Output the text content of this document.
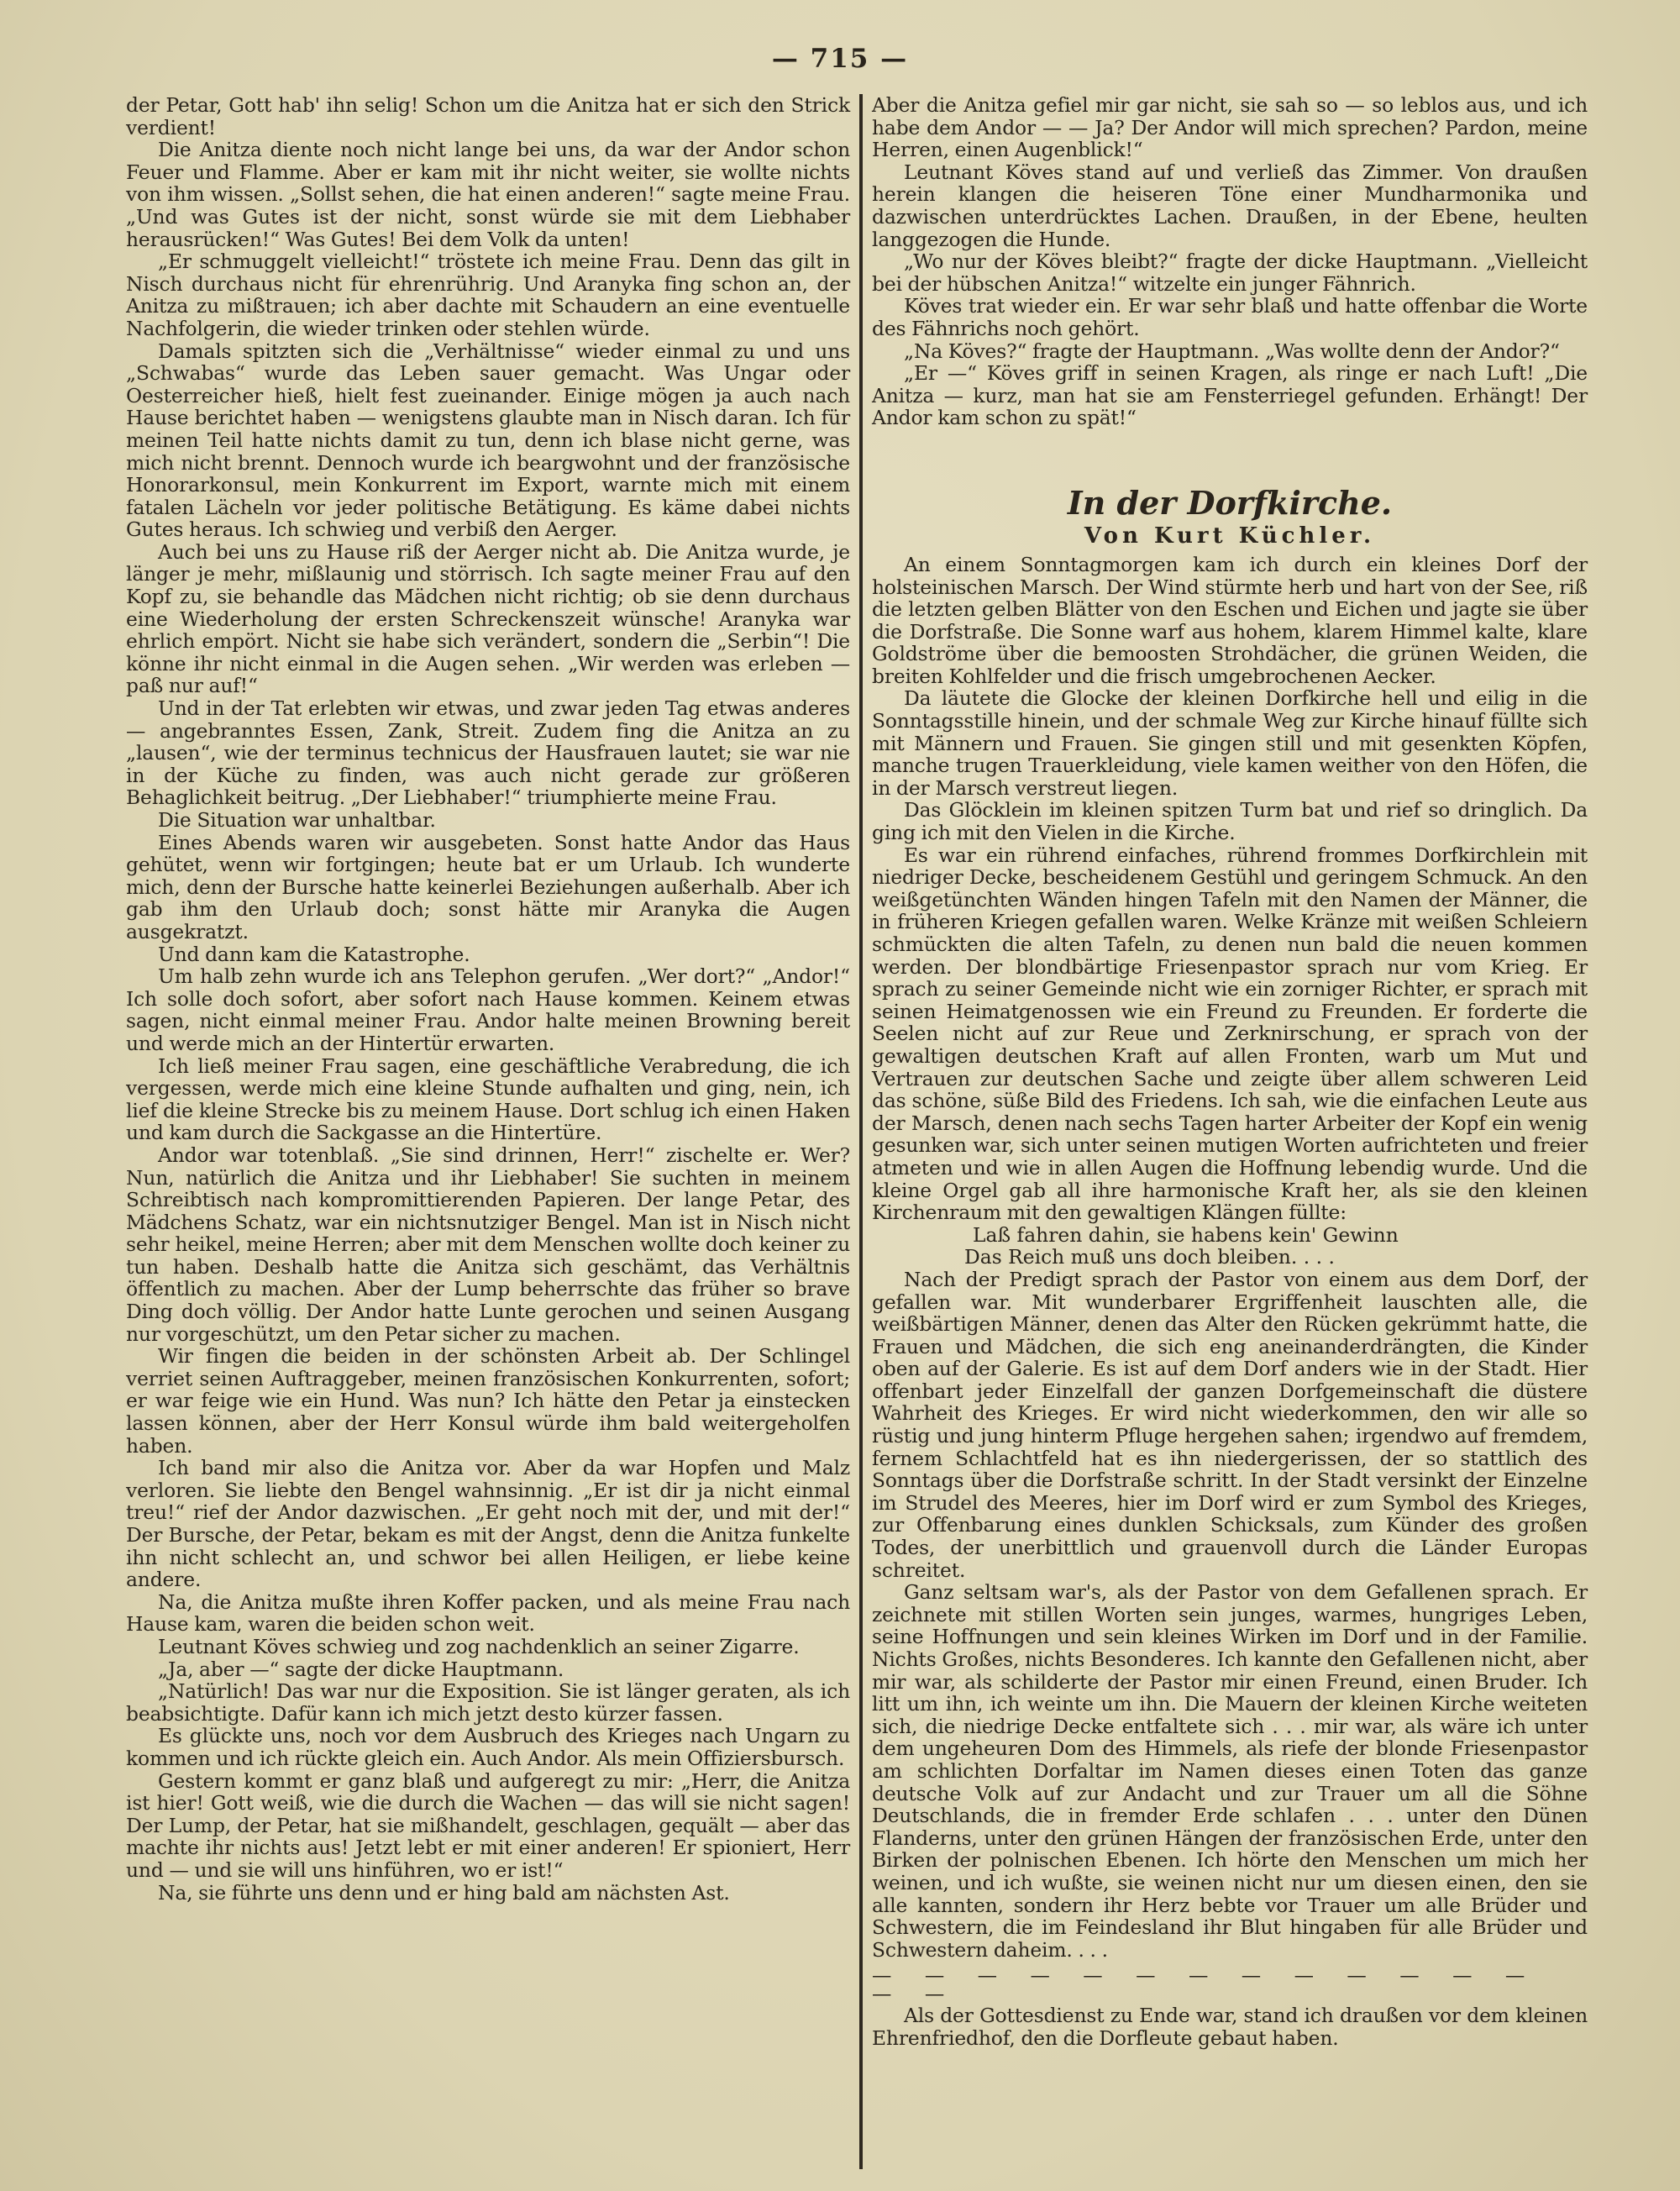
— 715 —

der Petar, Gott hab' ihn selig! Schon um die Anitza hat er sich den Strick verdient!

Die Anitza diente noch nicht lange bei uns, da war der Andor schon Feuer und Flamme. Aber er kam mit ihr nicht weiter, sie wollte nichts von ihm wissen. „Sollst sehen, die hat einen anderen!“ sagte meine Frau. „Und was Gutes ist der nicht, sonst würde sie mit dem Liebhaber herausrücken!“ Was Gutes! Bei dem Volk da unten!

„Er schmuggelt vielleicht!“ tröstete ich meine Frau. Denn das gilt in Nisch durchaus nicht für ehrenrührig. Und Aranyka fing schon an, der Anitza zu mißtrauen; ich aber dachte mit Schaudern an eine eventuelle Nachfolgerin, die wieder trinken oder stehlen würde.

Damals spitzten sich die „Verhältnisse“ wieder einmal zu und uns „Schwabas“ wurde das Leben sauer gemacht. Was Ungar oder Oesterreicher hieß, hielt fest zueinander. Einige mögen ja auch nach Hause berichtet haben — wenigstens glaubte man in Nisch daran. Ich für meinen Teil hatte nichts damit zu tun, denn ich blase nicht gerne, was mich nicht brennt. Dennoch wurde ich beargwohnt und der französische Honorarkonsul, mein Konkurrent im Export, warnte mich mit einem fatalen Lächeln vor jeder politische Betätigung. Es käme dabei nichts Gutes heraus. Ich schwieg und verbiß den Aerger.

Auch bei uns zu Hause riß der Aerger nicht ab. Die Anitza wurde, je länger je mehr, mißlaunig und störrisch. Ich sagte meiner Frau auf den Kopf zu, sie behandle das Mädchen nicht richtig; ob sie denn durchaus eine Wiederholung der ersten Schreckenszeit wünsche! Aranyka war ehrlich empört. Nicht sie habe sich verändert, sondern die „Serbin“! Die könne ihr nicht einmal in die Augen sehen. „Wir werden was erleben — paß nur auf!“

Und in der Tat erlebten wir etwas, und zwar jeden Tag etwas anderes — angebranntes Essen, Zank, Streit. Zudem fing die Anitza an zu „lausen“, wie der terminus technicus der Hausfrauen lautet; sie war nie in der Küche zu finden, was auch nicht gerade zur größeren Behaglichkeit beitrug. „Der Liebhaber!“ triumphierte meine Frau.

Die Situation war unhaltbar.

Eines Abends waren wir ausgebeten. Sonst hatte Andor das Haus gehütet, wenn wir fortgingen; heute bat er um Urlaub. Ich wunderte mich, denn der Bursche hatte keinerlei Beziehungen außerhalb. Aber ich gab ihm den Urlaub doch; sonst hätte mir Aranyka die Augen ausgekratzt.

Und dann kam die Katastrophe.

Um halb zehn wurde ich ans Telephon gerufen. „Wer dort?“ „Andor!“ Ich solle doch sofort, aber sofort nach Hause kommen. Keinem etwas sagen, nicht einmal meiner Frau. Andor halte meinen Browning bereit und werde mich an der Hintertür erwarten.

Ich ließ meiner Frau sagen, eine geschäftliche Verabredung, die ich vergessen, werde mich eine kleine Stunde aufhalten und ging, nein, ich lief die kleine Strecke bis zu meinem Hause. Dort schlug ich einen Haken und kam durch die Sackgasse an die Hintertüre.

Andor war totenblaß. „Sie sind drinnen, Herr!“ zischelte er. Wer? Nun, natürlich die Anitza und ihr Liebhaber! Sie suchten in meinem Schreibtisch nach kompromittierenden Papieren. Der lange Petar, des Mädchens Schatz, war ein nichtsnutziger Bengel. Man ist in Nisch nicht sehr heikel, meine Herren; aber mit dem Menschen wollte doch keiner zu tun haben. Deshalb hatte die Anitza sich geschämt, das Verhältnis öffentlich zu machen. Aber der Lump beherrschte das früher so brave Ding doch völlig. Der Andor hatte Lunte gerochen und seinen Ausgang nur vorgeschützt, um den Petar sicher zu machen.

Wir fingen die beiden in der schönsten Arbeit ab. Der Schlingel verriet seinen Auftraggeber, meinen französischen Konkurrenten, sofort; er war feige wie ein Hund. Was nun? Ich hätte den Petar ja einstecken lassen können, aber der Herr Konsul würde ihm bald weitergeholfen haben.

Ich band mir also die Anitza vor. Aber da war Hopfen und Malz verloren. Sie liebte den Bengel wahnsinnig. „Er ist dir ja nicht einmal treu!“ rief der Andor dazwischen. „Er geht noch mit der, und mit der!“ Der Bursche, der Petar, bekam es mit der Angst, denn die Anitza funkelte ihn nicht schlecht an, und schwor bei allen Heiligen, er liebe keine andere.

Na, die Anitza mußte ihren Koffer packen, und als meine Frau nach Hause kam, waren die beiden schon weit.

Leutnant Köves schwieg und zog nachdenklich an seiner Zigarre.

„Ja, aber —“ sagte der dicke Hauptmann.

„Natürlich! Das war nur die Exposition. Sie ist länger geraten, als ich beabsichtigte. Dafür kann ich mich jetzt desto kürzer fassen.

Es glückte uns, noch vor dem Ausbruch des Krieges nach Ungarn zu kommen und ich rückte gleich ein. Auch Andor. Als mein Offiziersbursch.

Gestern kommt er ganz blaß und aufgeregt zu mir: „Herr, die Anitza ist hier! Gott weiß, wie die durch die Wachen — das will sie nicht sagen! Der Lump, der Petar, hat sie mißhandelt, geschlagen, gequält — aber das machte ihr nichts aus! Jetzt lebt er mit einer anderen! Er spioniert, Herr und — und sie will uns hinführen, wo er ist!“

Na, sie führte uns denn und er hing bald am nächsten Ast.

Aber die Anitza gefiel mir gar nicht, sie sah so — so leblos aus, und ich habe dem Andor — — Ja? Der Andor will mich sprechen? Pardon, meine Herren, einen Augenblick!“

Leutnant Köves stand auf und verließ das Zimmer. Von draußen herein klangen die heiseren Töne einer Mundharmonika und dazwischen unterdrücktes Lachen. Draußen, in der Ebene, heulten langgezogen die Hunde.

„Wo nur der Köves bleibt?“ fragte der dicke Hauptmann. „Vielleicht bei der hübschen Anitza!“ witzelte ein junger Fähnrich.

Köves trat wieder ein. Er war sehr blaß und hatte offenbar die Worte des Fähnrichs noch gehört.

„Na Köves?“ fragte der Hauptmann. „Was wollte denn der Andor?“

„Er —“ Köves griff in seinen Kragen, als ringe er nach Luft! „Die Anitza — kurz, man hat sie am Fensterriegel gefunden. Erhängt! Der Andor kam schon zu spät!“

In der Dorfkirche.
Von Kurt Küchler.

An einem Sonntagmorgen kam ich durch ein kleines Dorf der holsteinischen Marsch. Der Wind stürmte herb und hart von der See, riß die letzten gelben Blätter von den Eschen und Eichen und jagte sie über die Dorfstraße. Die Sonne warf aus hohem, klarem Himmel kalte, klare Goldströme über die bemoosten Strohdächer, die grünen Weiden, die breiten Kohlfelder und die frisch umgebrochenen Aecker.

Da läutete die Glocke der kleinen Dorfkirche hell und eilig in die Sonntagsstille hinein, und der schmale Weg zur Kirche hinauf füllte sich mit Männern und Frauen. Sie gingen still und mit gesenkten Köpfen, manche trugen Trauerkleidung, viele kamen weither von den Höfen, die in der Marsch verstreut liegen.

Das Glöcklein im kleinen spitzen Turm bat und rief so dringlich. Da ging ich mit den Vielen in die Kirche.

Es war ein rührend einfaches, rührend frommes Dorfkirchlein mit niedriger Decke, bescheidenem Gestühl und geringem Schmuck. An den weißgetünchten Wänden hingen Tafeln mit den Namen der Männer, die in früheren Kriegen gefallen waren. Welke Kränze mit weißen Schleiern schmückten die alten Tafeln, zu denen nun bald die neuen kommen werden. Der blondbärtige Friesenpastor sprach nur vom Krieg. Er sprach zu seiner Gemeinde nicht wie ein zorniger Richter, er sprach mit seinen Heimatgenossen wie ein Freund zu Freunden. Er forderte die Seelen nicht auf zur Reue und Zerknirschung, er sprach von der gewaltigen deutschen Kraft auf allen Fronten, warb um Mut und Vertrauen zur deutschen Sache und zeigte über allem schweren Leid das schöne, süße Bild des Friedens. Ich sah, wie die einfachen Leute aus der Marsch, denen nach sechs Tagen harter Arbeiter der Kopf ein wenig gesunken war, sich unter seinen mutigen Worten aufrichteten und freier atmeten und wie in allen Augen die Hoffnung lebendig wurde. Und die kleine Orgel gab all ihre harmonische Kraft her, als sie den kleinen Kirchenraum mit den gewaltigen Klängen füllte:

Laß fahren dahin, sie habens kein' Gewinn

Das Reich muß uns doch bleiben. . . .

Nach der Predigt sprach der Pastor von einem aus dem Dorf, der gefallen war. Mit wunderbarer Ergriffenheit lauschten alle, die weißbärtigen Männer, denen das Alter den Rücken gekrümmt hatte, die Frauen und Mädchen, die sich eng aneinanderdrängten, die Kinder oben auf der Galerie. Es ist auf dem Dorf anders wie in der Stadt. Hier offenbart jeder Einzelfall der ganzen Dorfgemeinschaft die düstere Wahrheit des Krieges. Er wird nicht wiederkommen, den wir alle so rüstig und jung hinterm Pfluge hergehen sahen; irgendwo auf fremdem, fernem Schlachtfeld hat es ihn niedergerissen, der so stattlich des Sonntags über die Dorfstraße schritt. In der Stadt versinkt der Einzelne im Strudel des Meeres, hier im Dorf wird er zum Symbol des Krieges, zur Offenbarung eines dunklen Schicksals, zum Künder des großen Todes, der unerbittlich und grauenvoll durch die Länder Europas schreitet.

Ganz seltsam war's, als der Pastor von dem Gefallenen sprach. Er zeichnete mit stillen Worten sein junges, warmes, hungriges Leben, seine Hoffnungen und sein kleines Wirken im Dorf und in der Familie. Nichts Großes, nichts Besonderes. Ich kannte den Gefallenen nicht, aber mir war, als schilderte der Pastor mir einen Freund, einen Bruder. Ich litt um ihn, ich weinte um ihn. Die Mauern der kleinen Kirche weiteten sich, die niedrige Decke entfaltete sich . . . mir war, als wäre ich unter dem ungeheuren Dom des Himmels, als riefe der blonde Friesenpastor am schlichten Dorfaltar im Namen dieses einen Toten das ganze deutsche Volk auf zur Andacht und zur Trauer um all die Söhne Deutschlands, die in fremder Erde schlafen . . . unter den Dünen Flanderns, unter den grünen Hängen der französischen Erde, unter den Birken der polnischen Ebenen. Ich hörte den Menschen um mich her weinen, und ich wußte, sie weinen nicht nur um diesen einen, den sie alle kannten, sondern ihr Herz bebte vor Trauer um alle Brüder und Schwestern, die im Feindesland ihr Blut hingaben für alle Brüder und Schwestern daheim. . . .

— — — — — — — — — — — — — — —

Als der Gottesdienst zu Ende war, stand ich draußen vor dem kleinen Ehrenfriedhof, den die Dorfleute gebaut haben.
